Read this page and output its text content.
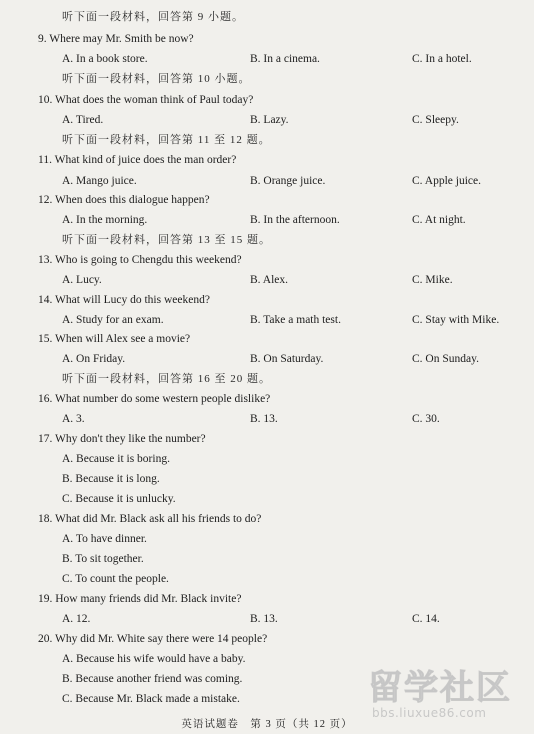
听下面一段材料，回答第 9 小题。
9. Where may Mr. Smith be now?
A. In a book store.	B. In a cinema.	C. In a hotel.
听下面一段材料，回答第 10 小题。
10. What does the woman think of Paul today?
A. Tired.	B. Lazy.	C. Sleepy.
听下面一段材料，回答第 11 至 12 题。
11. What kind of juice does the man order?
A. Mango juice.	B. Orange juice.	C. Apple juice.
12. When does this dialogue happen?
A. In the morning.	B. In the afternoon.	C. At night.
听下面一段材料，回答第 13 至 15 题。
13. Who is going to Chengdu this weekend?
A. Lucy.	B. Alex.	C. Mike.
14. What will Lucy do this weekend?
A. Study for an exam.	B. Take a math test.	C. Stay with Mike.
15. When will Alex see a movie?
A. On Friday.	B. On Saturday.	C. On Sunday.
听下面一段材料，回答第 16 至 20 题。
16. What number do some western people dislike?
A. 3.	B. 13.	C. 30.
17. Why don't they like the number?
A. Because it is boring.
B. Because it is long.
C. Because it is unlucky.
18. What did Mr. Black ask all his friends to do?
A. To have dinner.
B. To sit together.
C. To count the people.
19. How many friends did Mr. Black invite?
A. 12.	B. 13.	C. 14.
20. Why did Mr. White say there were 14 people?
A. Because his wife would have a baby.
B. Because another friend was coming.
C. Because Mr. Black made a mistake.
英语试题卷　第 3 页（共 12 页）
留学社区
bbs.liuxue86.com
